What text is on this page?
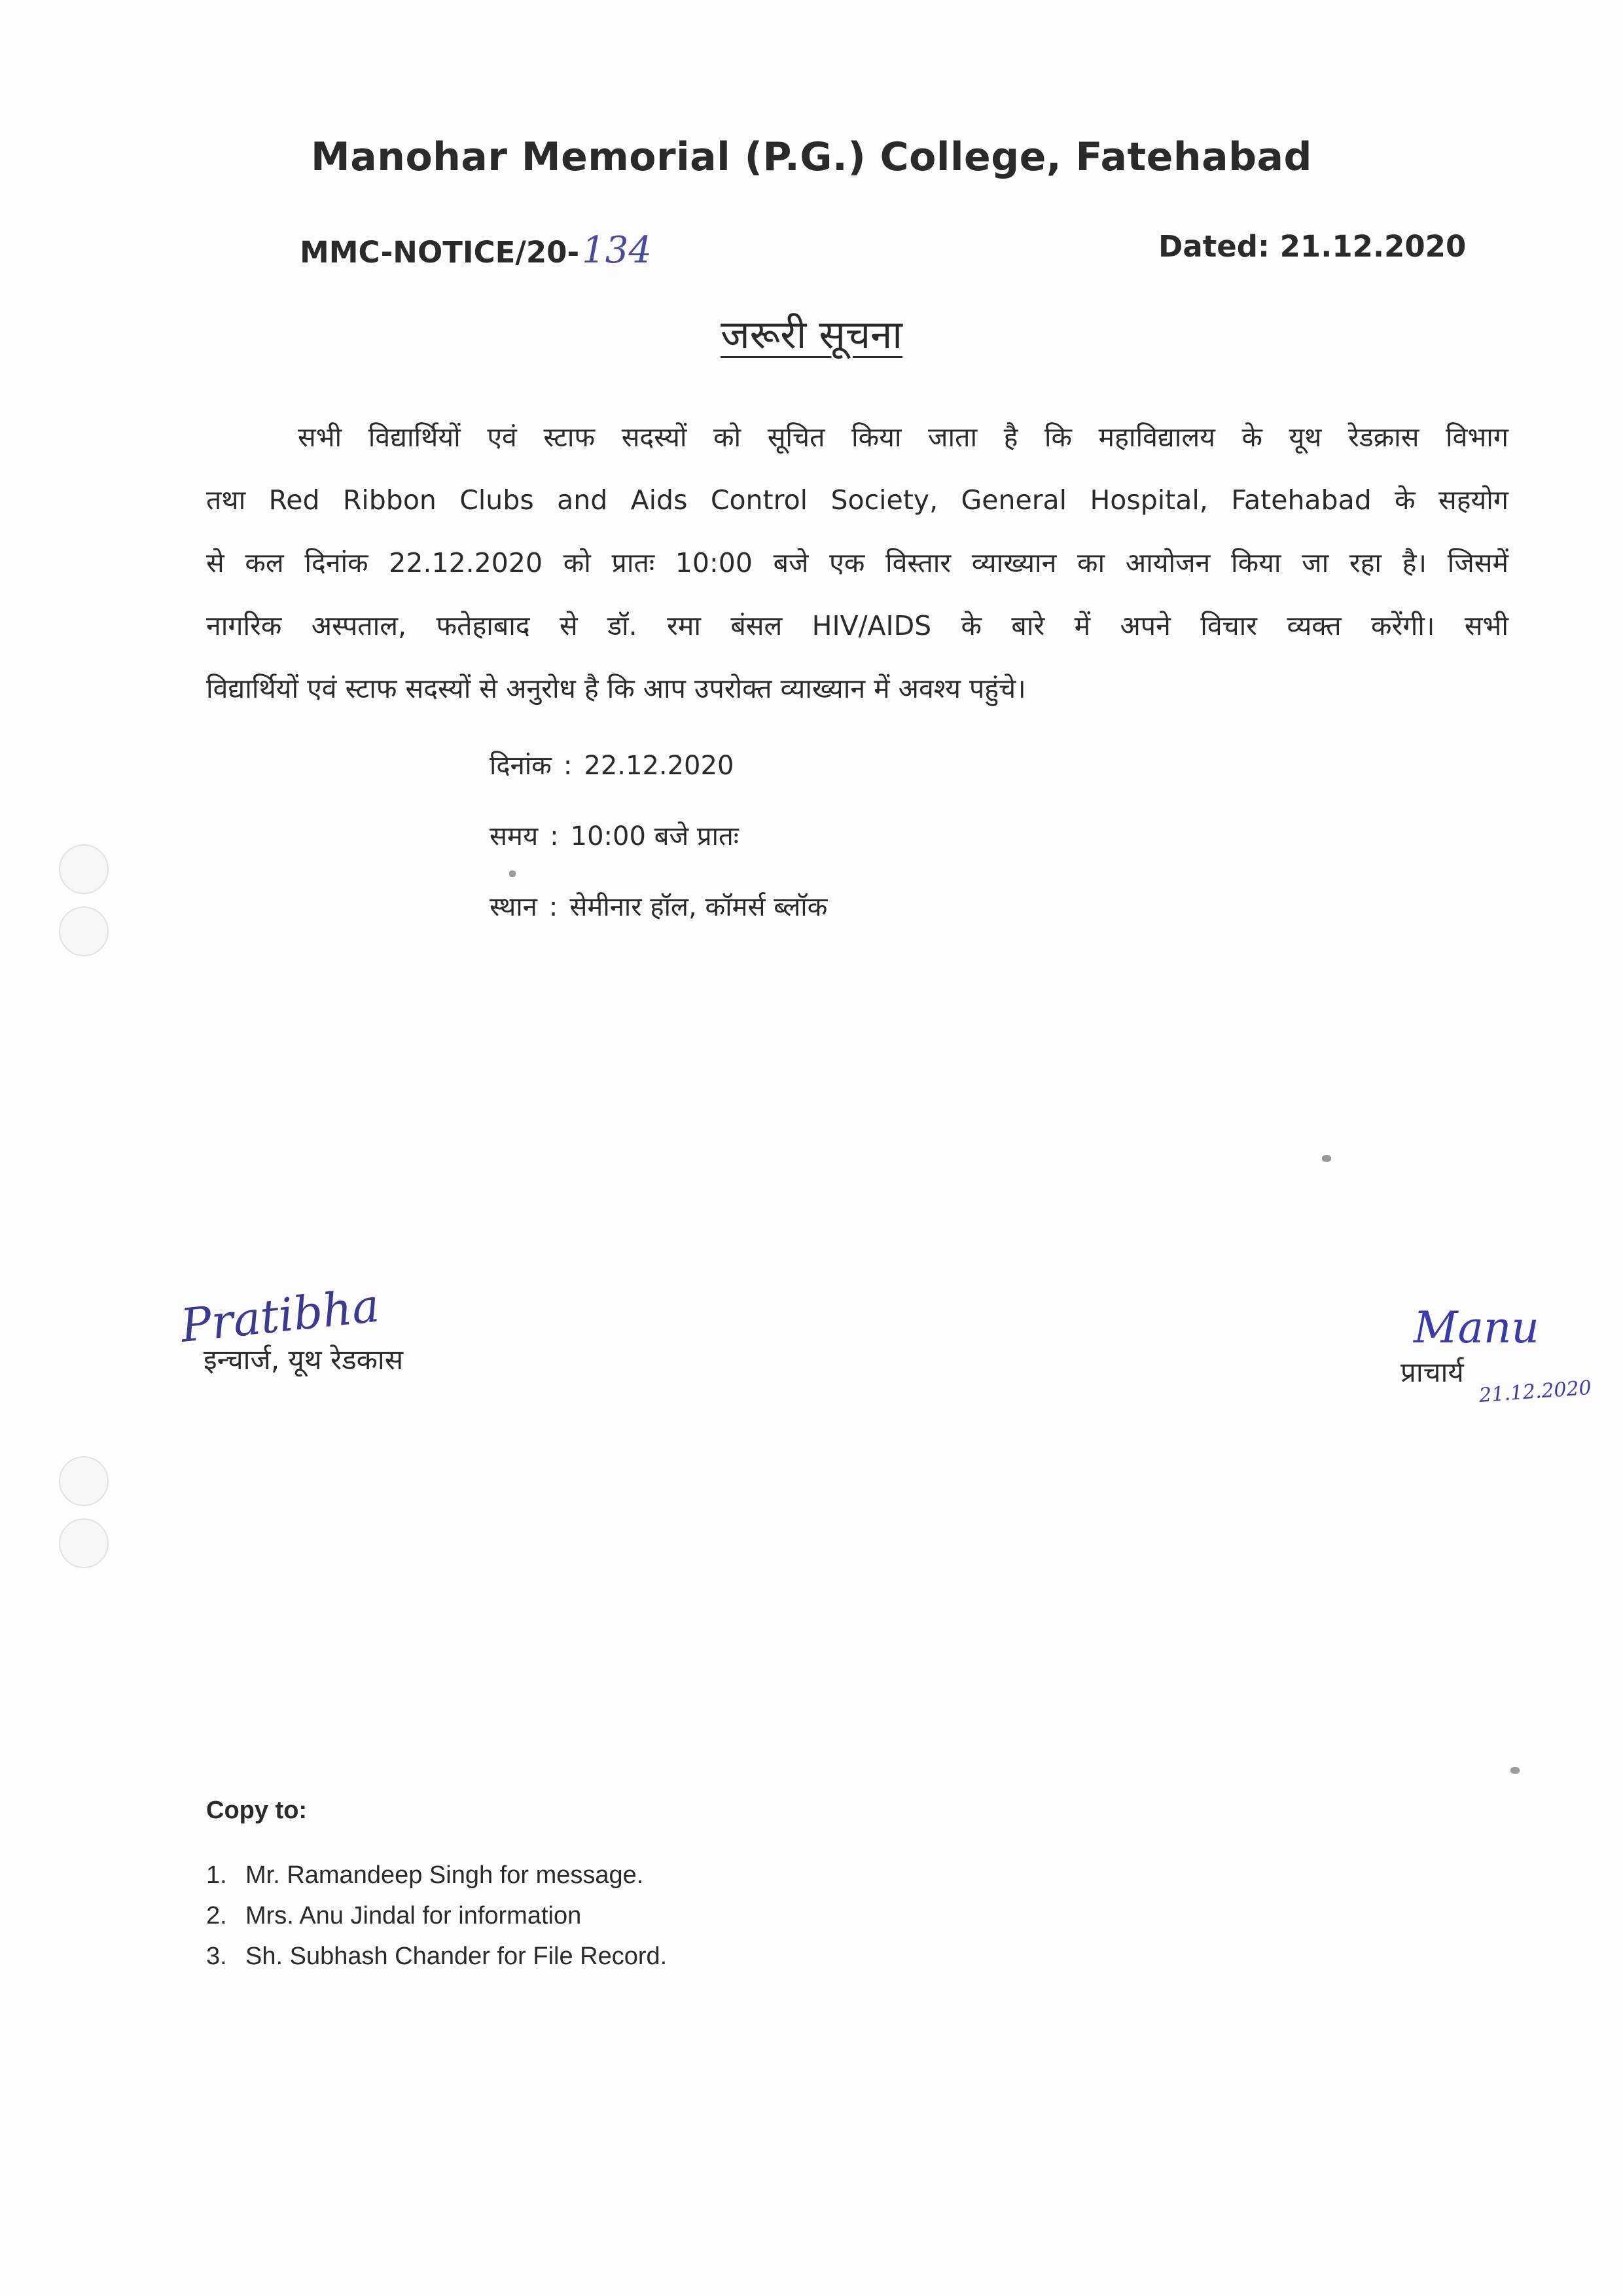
Manohar Memorial (P.G.) College, Fatehabad
MMC-NOTICE/20-134	Dated: 21.12.2020
जरूरी सूचना
सभी विद्यार्थियों एवं स्टाफ सदस्यों को सूचित किया जाता है कि महाविद्यालय के यूथ रेडक्रास विभाग
तथा Red Ribbon Clubs and Aids Control Society, General Hospital, Fatehabad के सहयोग
से कल दिनांक 22.12.2020 को प्रातः 10:00 बजे एक विस्तार व्याख्यान का आयोजन किया जा रहा है। जिसमें
नागरिक अस्पताल, फतेहाबाद से डॉ. रमा बंसल HIV/AIDS के बारे में अपने विचार व्यक्त करेंगी। सभी
विद्यार्थियों एवं स्टाफ सदस्यों से अनुरोध है कि आप उपरोक्त व्याख्यान में अवश्य पहुंचे।
दिनांक : 22.12.2020
समय : 10:00 बजे प्रातः
स्थान : सेमीनार हॉल, कॉमर्स ब्लॉक
Pratibha
इन्चार्ज, यूथ रेडकास
Manu
प्राचार्य
21.12.2020
Copy to:
1. Mr. Ramandeep Singh for message.
2. Mrs. Anu Jindal for information
3. Sh. Subhash Chander for File Record.
